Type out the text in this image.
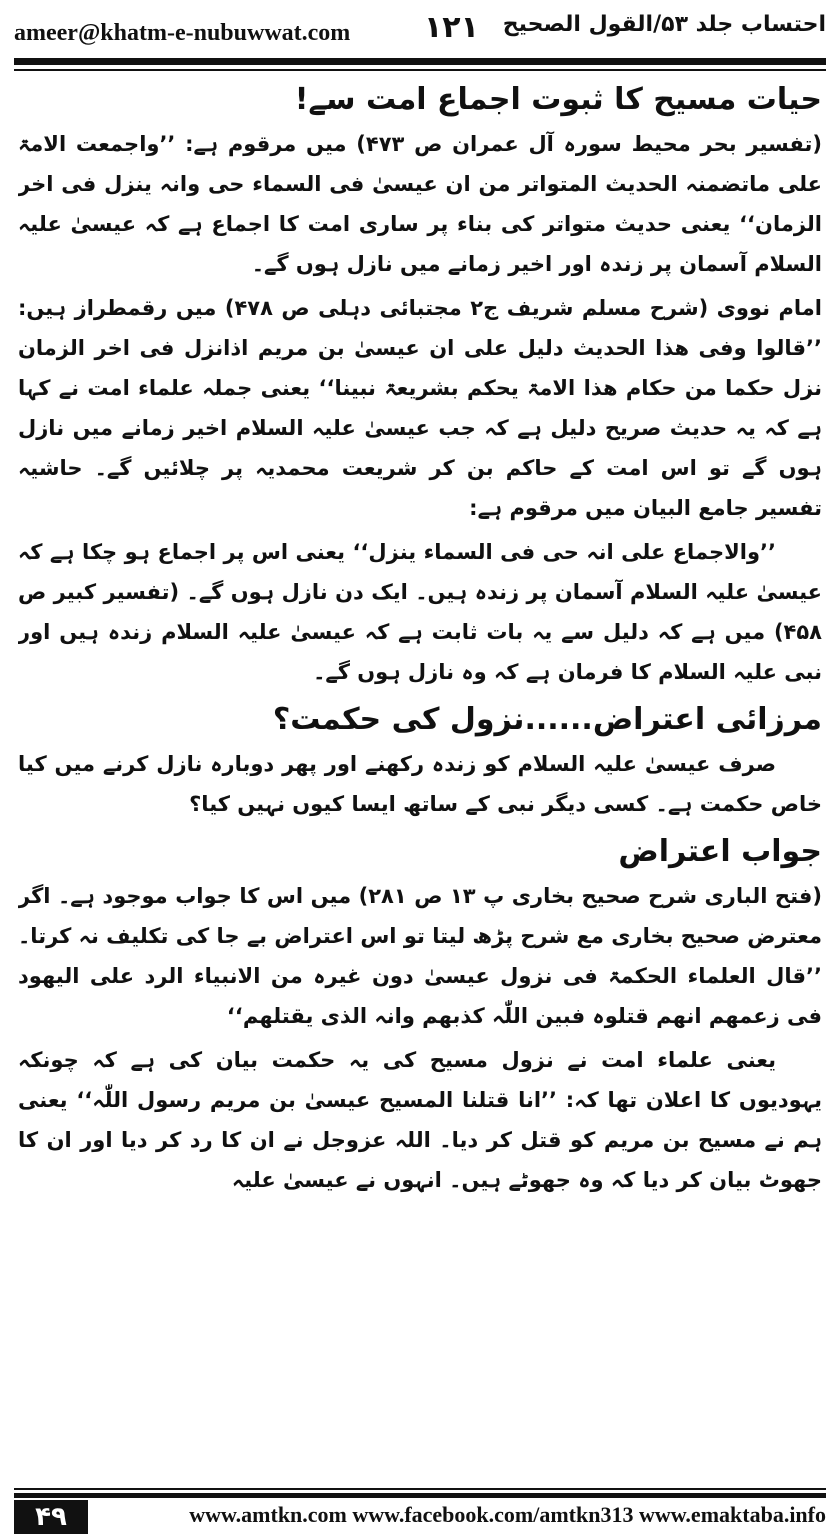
ameer@khatm-e-nubuwwat.com ۱۲۱ احتساب جلد ۵۳/القول الصحیح
حیات مسیح کا ثبوت اجماع امت سے!

(تفسیر بحر محیط سورہ آل عمران ص ۴۷۳) میں مرقوم ہے: ’’واجمعت الامۃ علی ماتضمنہ الحدیث المتواتر من ان عیسیٰ فی السماء حی وانہ ینزل فی اخر الزمان‘‘ یعنی حدیث متواتر کی بناء پر ساری امت کا اجماع ہے کہ عیسیٰ علیہ السلام آسمان پر زندہ اور اخیر زمانے میں نازل ہوں گے۔

امام نووی (شرح مسلم شریف ج۲ مجتبائی دہلی ص ۴۷۸) میں رقمطراز ہیں: ’’قالوا وفی ھذا الحدیث دلیل علی ان عیسیٰ بن مریم اذانزل فی اخر الزمان نزل حکما من حکام ھذا الامۃ یحکم بشریعۃ نبینا‘‘ یعنی جملہ علماء امت نے کہا ہے کہ یہ حدیث صریح دلیل ہے کہ جب عیسیٰ علیہ السلام اخیر زمانے میں نازل ہوں گے تو اس امت کے حاکم بن کر شریعت محمدیہ پر چلائیں گے۔ حاشیہ تفسیر جامع البیان میں مرقوم ہے:

’’والاجماع علی انہ حی فی السماء ینزل‘‘ یعنی اس پر اجماع ہو چکا ہے کہ عیسیٰ علیہ السلام آسمان پر زندہ ہیں۔ ایک دن نازل ہوں گے۔ (تفسیر کبیر ص ۴۵۸) میں ہے کہ دلیل سے یہ بات ثابت ہے کہ عیسیٰ علیہ السلام زندہ ہیں اور نبی علیہ السلام کا فرمان ہے کہ وہ نازل ہوں گے۔

مرزائی اعتراض......نزول کی حکمت؟

صرف عیسیٰ علیہ السلام کو زندہ رکھنے اور پھر دوبارہ نازل کرنے میں کیا خاص حکمت ہے۔ کسی دیگر نبی کے ساتھ ایسا کیوں نہیں کیا؟

جواب اعتراض

(فتح الباری شرح صحیح بخاری پ ۱۳ ص ۲۸۱) میں اس کا جواب موجود ہے۔ اگر معترض صحیح بخاری مع شرح پڑھ لیتا تو اس اعتراض بے جا کی تکلیف نہ کرتا۔ ’’قال العلماء الحکمۃ فی نزول عیسیٰ دون غیرہ من الانبیاء الرد علی الیھود فی زعمھم انھم قتلوہ فبین اللّٰہ کذبھم وانہ الذی یقتلھم‘‘

یعنی علماء امت نے نزول مسیح کی یہ حکمت بیان کی ہے کہ چونکہ یہودیوں کا اعلان تھا کہ: ’’انا قتلنا المسیح عیسیٰ بن مریم رسول اللّٰہ‘‘ یعنی ہم نے مسیح بن مریم کو قتل کر دیا۔ اللہ عزوجل نے ان کا رد کر دیا اور ان کا جھوٹ بیان کر دیا کہ وہ جھوٹے ہیں۔ انہوں نے عیسیٰ علیہ

۴۹	www.amtkn.com www.facebook.com/amtkn313 www.emaktaba.info
